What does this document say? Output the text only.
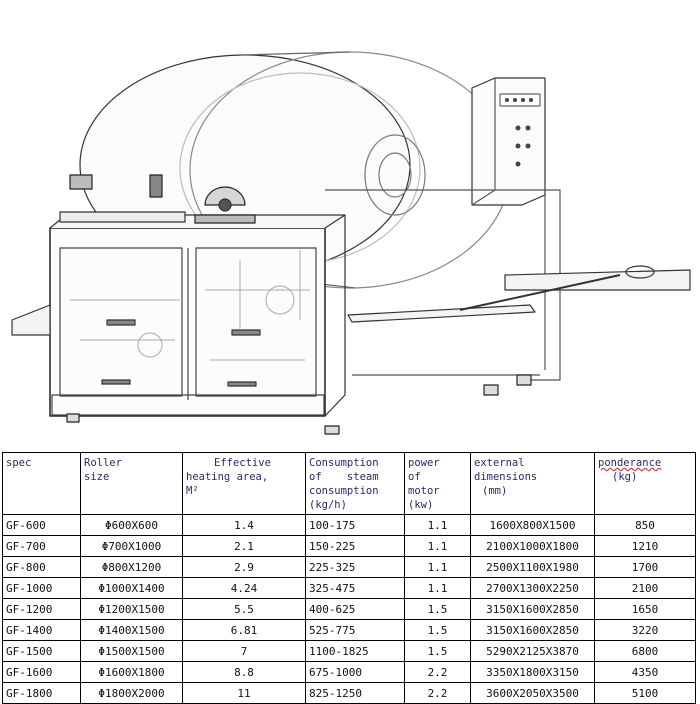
spec	Roller
size	Effective
heating area,
M²	Consumption
of    steam
consumption
(kg/h)	power
of
motor
(kw)	external
dimensions
(mm)	ponderance
(kg)
GF-600	Φ600X600	1.4	100-175	1.1	1600X800X1500	850
GF-700	Φ700X1000	2.1	150-225	1.1	2100X1000X1800	1210
GF-800	Φ800X1200	2.9	225-325	1.1	2500X1100X1980	1700
GF-1000	Φ1000X1400	4.24	325-475	1.1	2700X1300X2250	2100
GF-1200	Φ1200X1500	5.5	400-625	1.5	3150X1600X2850	1650
GF-1400	Φ1400X1500	6.81	525-775	1.5	3150X1600X2850	3220
GF-1500	Φ1500X1500	7	1100-1825	1.5	5290X2125X3870	6800
GF-1600	Φ1600X1800	8.8	675-1000	2.2	3350X1800X3150	4350
GF-1800	Φ1800X2000	11	825-1250	2.2	3600X2050X3500	5100
